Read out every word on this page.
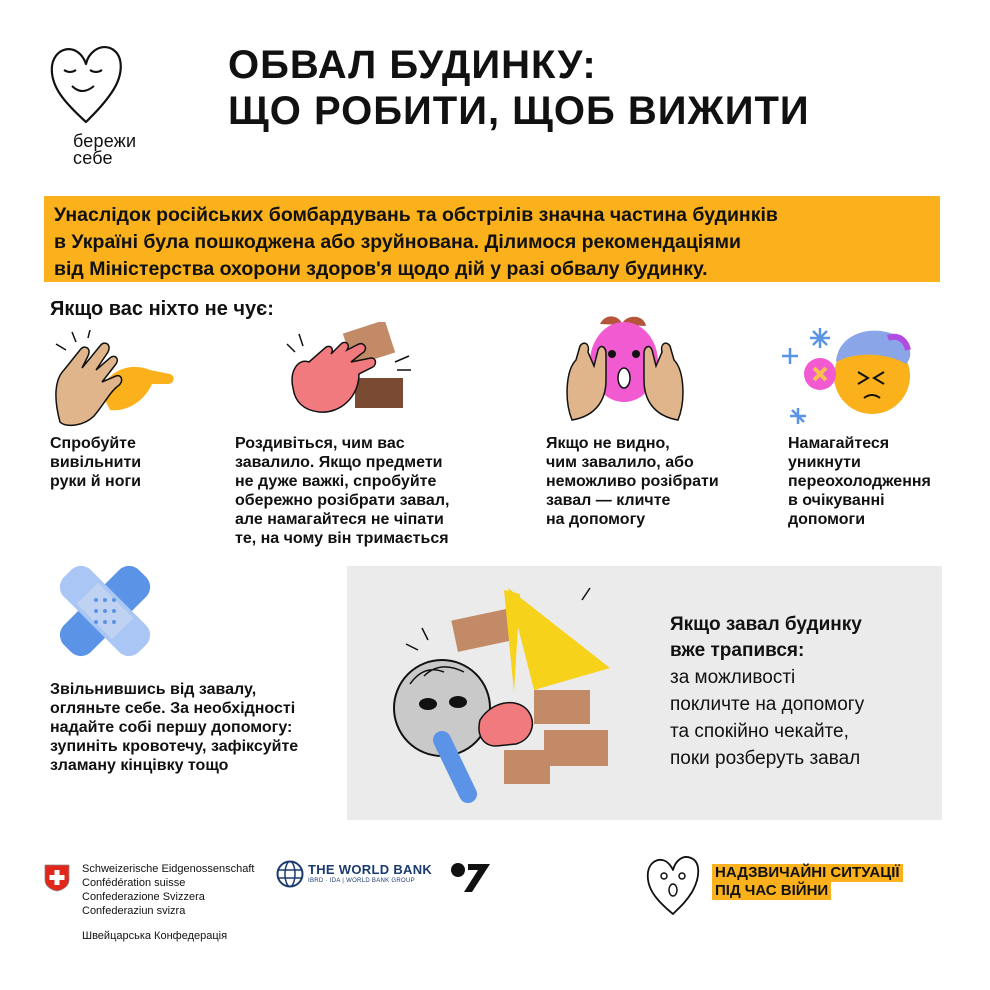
бережи
себе
ОБВАЛ БУДИНКУ:
ЩО РОБИТИ, ЩОБ ВИЖИТИ
Унаслідок російських бомбардувань та обстрілів значна частина будинків
в Україні була пошкоджена або зруйнована. Ділимося рекомендаціями
від Міністерства охорони здоров'я щодо дій у разі обвалу будинку.
Якщо вас ніхто не чує:
Спробуйте
вивільнити
руки й ноги
Роздивіться, чим вас
завалило. Якщо предмети
не дуже важкі, спробуйте
обережно розібрати завал,
але намагайтеся не чіпати
те, на чому він тримається
Якщо не видно,
чим завалило, або
неможливо розібрати
завал — кличте
на допомогу
Намагайтеся
уникнути
переохолодження
в очікуванні
допомоги
Звільнившись від завалу,
огляньте себе. За необхідності
надайте собі першу допомогу:
зупиніть кровотечу, зафіксуйте
зламану кінцівку тощо
Якщо завал будинку
вже трапився:
за можливості
покличте на допомогу
та спокійно чекайте,
поки розберуть завал
Schweizerische Eidgenossenschaft
Confédération suisse
Confederazione Svizzera
Confederaziun svizra
Швейцарська Конфедерація
THE WORLD BANK
IBRD · IDA | WORLD BANK GROUP	НАДЗВИЧАЙНІ СИТУАЦІЇ
ПІД ЧАС ВІЙНИ
